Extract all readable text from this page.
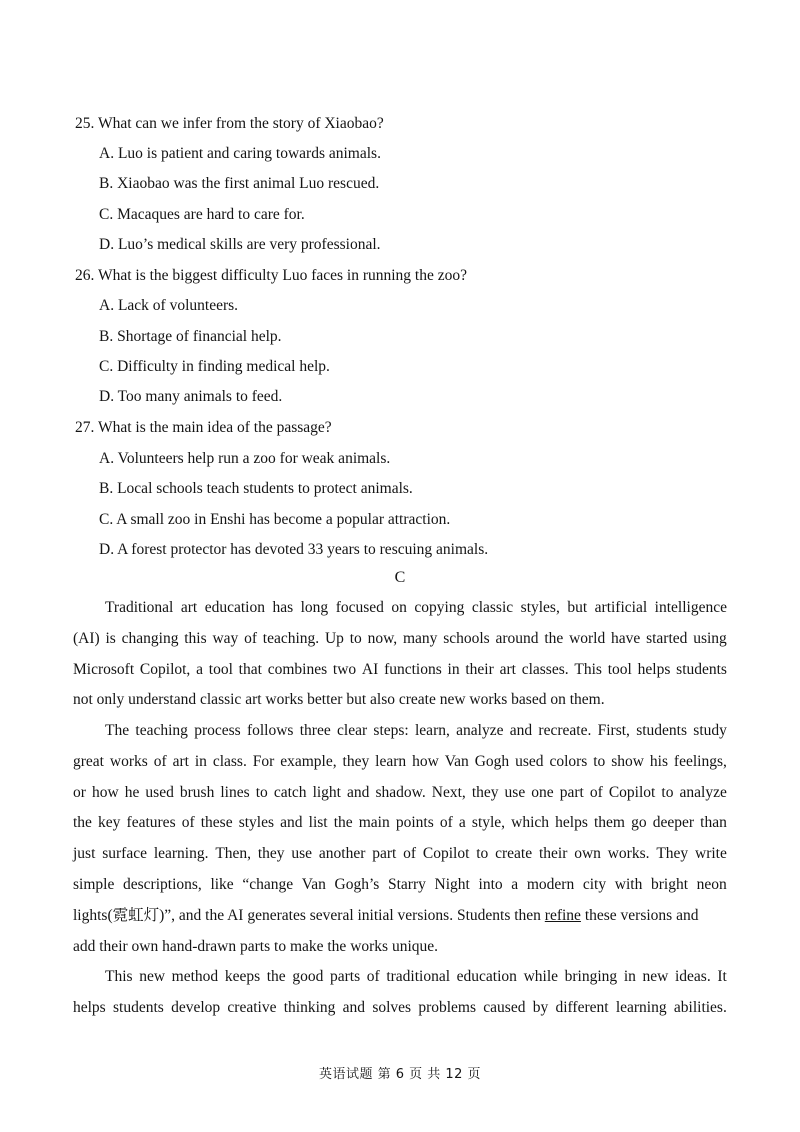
25. What can we infer from the story of Xiaobao?
A. Luo is patient and caring towards animals.
B. Xiaobao was the first animal Luo rescued.
C. Macaques are hard to care for.
D. Luo’s medical skills are very professional.
26. What is the biggest difficulty Luo faces in running the zoo?
A. Lack of volunteers.
B. Shortage of financial help.
C. Difficulty in finding medical help.
D. Too many animals to feed.
27. What is the main idea of the passage?
A. Volunteers help run a zoo for weak animals.
B. Local schools teach students to protect animals.
C. A small zoo in Enshi has become a popular attraction.
D. A forest protector has devoted 33 years to rescuing animals.
C
Traditional art education has long focused on copying classic styles, but artificial intelligence
(AI) is changing this way of teaching. Up to now, many schools around the world have started using
Microsoft Copilot, a tool that combines two AI functions in their art classes. This tool helps students
not only understand classic art works better but also create new works based on them.
The teaching process follows three clear steps: learn, analyze and recreate. First, students study
great works of art in class. For example, they learn how Van Gogh used colors to show his feelings,
or how he used brush lines to catch light and shadow. Next, they use one part of Copilot to analyze
the key features of these styles and list the main points of a style, which helps them go deeper than
just surface learning. Then, they use another part of Copilot to create their own works. They write
simple descriptions, like “change Van Gogh’s Starry Night into a modern city with bright neon
lights(霓虹灯)”, and the AI generates several initial versions. Students then refine these versions and
add their own hand-drawn parts to make the works unique.
This new method keeps the good parts of traditional education while bringing in new ideas. It
helps students develop creative thinking and solves problems caused by different learning abilities.
英语试题 第 6 页 共 12 页
